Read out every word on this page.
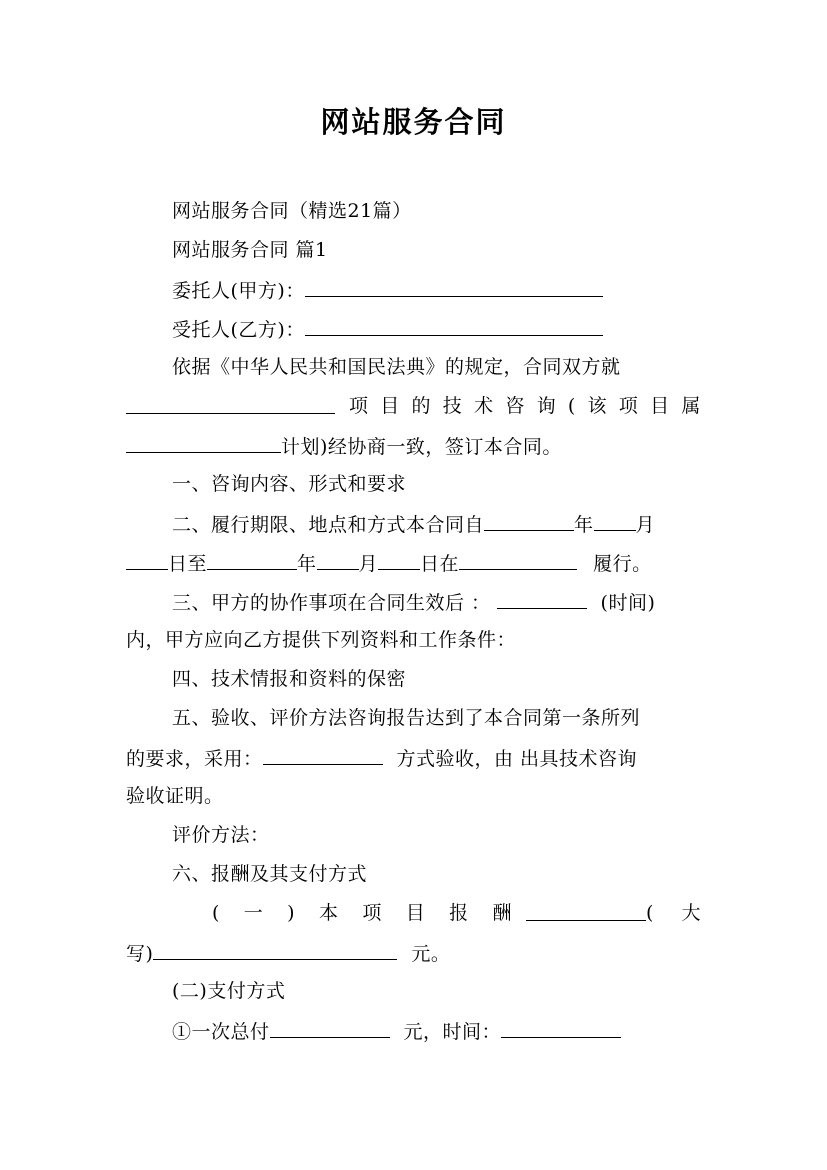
网站服务合同
网站服务合同（精选21篇）
网站服务合同 篇1
委托人(甲方)：
受托人(乙方)：
依据《中华人民共和国民法典》的规定，合同双方就
项 目 的 技 术 咨 询 ( 该 项 目 属
计划)经协商一致，签订本合同。
一、咨询内容、形式和要求
二、履行期限、地点和方式本合同自	年 月
日至	年 月 日在	履行。
三、甲方的协作事项在合同生效后 ：	(时间)
内，甲方应向乙方提供下列资料和工作条件：
四、技术情报和资料的保密
五、验收、评价方法咨询报告达到了本合同第一条所列
的要求，采用：	方式验收，由 出具技术咨询
验收证明。
评价方法：
六、报酬及其支付方式
( 一 ) 本 项 目 报 酬	( 大
写)	元。
(二)支付方式
①一次总付	元，时间：
